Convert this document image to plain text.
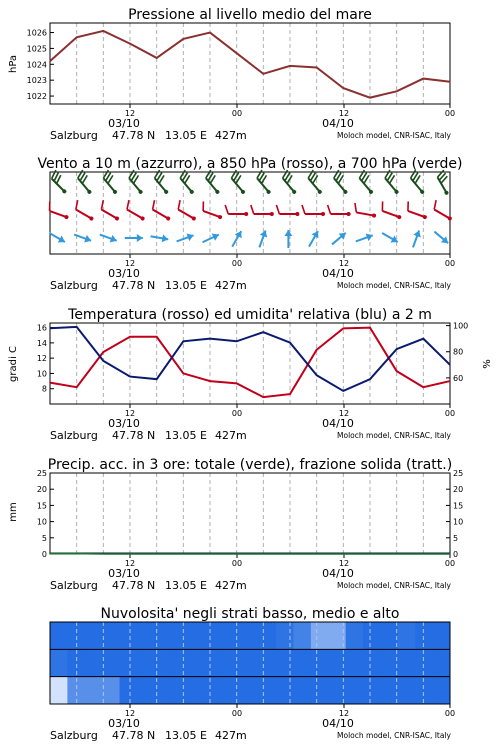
Pressione al livello medio del mare
hPa
12	00	12	00
03/10	04/10
Salzburg 47.78 N 13.05 E 427m	Moloch model, CNR-ISAC, Italy
1022
1023
1024
1025
1026
Vento a 10 m (azzurro), a 850 hPa (rosso), a 700 hPa (verde)
12	00	12	00
03/10	04/10
Salzburg 47.78 N 13.05 E 427m	Moloch model, CNR-ISAC, Italy
Temperatura (rosso) ed umidita' relativa (blu) a 2 m
gradi C	%
12	00	12	00
03/10	04/10
Salzburg 47.78 N 13.05 E 427m	Moloch model, CNR-ISAC, Italy
8
10
12
14
16
60
80
100
Precip. acc. in 3 ore: totale (verde), frazione solida (tratt.)
mm
12	00	12	00
03/10	04/10
Salzburg 47.78 N 13.05 E 427m	Moloch model, CNR-ISAC, Italy
0	0
5	5
10	10
15	15
20	20
25	25
Nuvolosita' negli strati basso, medio e alto
12	00	12	00
03/10	04/10
Salzburg 47.78 N 13.05 E 427m	Moloch model, CNR-ISAC, Italy
